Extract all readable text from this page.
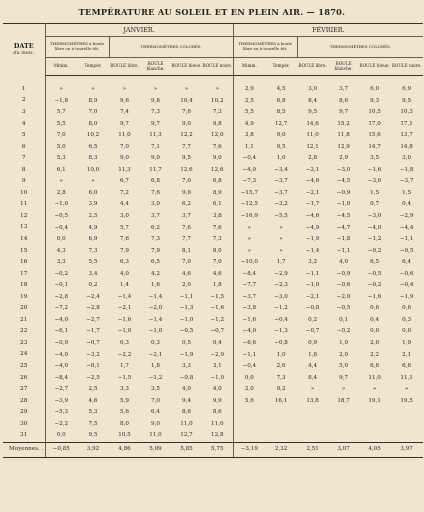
TEMPÉRATURE AU SOLEIL ET EN PLEIN AIR. — 1870.
DATE
du mois.	JANVIER.						FÉVRIER.					
	THERMOMÈTRES à boule libre ou à tourelle tôt.		THERMOMÈTRES COLORÉS.				THERMOMÈTRES à boule libre ou à tourelle tôt.		THERMOMÈTRES COLORÉS.			
	Minim.	Tempér.	BOULE libre.	BOULE blanche.	BOULE bleue.	BOULE noire.	Minim.	Tempér.	BOULE libre.	BOULE blanche.	BOULE bleue.	BOULE noire.

1	»	»	»	»	»	»	2,9	4,5	3,0	3,7	6,0	6,9
2	−1,8	8,9	9,6	9,8	10,4	10,2	2,5	6,8	8,4	8,6	9,3	9,5
3	5,7	7,0	7,4	7,3	7,6	7,3	5,5	8,5	9,5	9,7	10,5	10,3
4	5,5	8,0	9,7	9,7	9,0	9,8	4,9	12,7	14,6	15,2	17,0	17,1
5	7,0	10,2	11,0	11,3	12,2	12,0	3,8	9,0	11,0	11,8	15,6	13,7
6	5,0	6,5	7,0	7,1	7,7	7,6	1,1	9,5	12,1	12,9	14,7	14,8
7	5,3	8,3	9,0	9,0	9,5	9,0	−0,4	1,0	2,8	2,9	3,5	3,0
8	6,1	10,0	11,3	11,7	12,6	12,6	−4,0	−3,4	−2,1	−3,0	−1,6	−1,8
9	»	»	6,7	6,8	7,0	6,8	−7,3	−3,7	−4,6	−4,5	−3,6	−3,7
10	2,8	6,0	7,2	7,6	9,0	8,9	−15,7	−3,7	−2,1	−0,9	1,5	1,5
11	−1,0	3,9	4,4	3,0	6,2	6,1	−12,5	−3,2	−1,7	−1,0	0,7	0,4
12	−0,5	2,5	3,0	3,7	3,7	3,8	−16,9	−5,5	−4,6	−4,5	−3,0	−2,9
13	−0,4	4,9	5,7	6,2	7,6	7,6	»	»	−4,9	−4,7	−4,0	−4,4
14	0,0	6,9	7,6	7,3	7,7	7,3	»	»	−1,9	−1,8	−1,2	−1,1
15	4,3	7,3	7,9	7,9	8,1	8,0	»	»	−1,4	−1,1	−0,2	−0,5
16	3,3	5,5	6,3	6,5	7,0	7,0	−10,0	1,7	3,2	4,0	6,5	6,4
17	−0,2	3,4	4,0	4,2	4,6	4,6	−8,4	−2,9	−1,1	−0,9	−0,5	−0,6
18	−0,1	0,2	1,4	1,6	2,0	1,8	−7,7	−2,3	−1,0	−0,6	−0,2	−0,4
19	−2,8	−2,4	−1,4	−1,4	−1,1	−1,5	−3,7	−3,0	−2,1	−2,0	−1,6	−1,9
20	−7,2	−2,8	−2,1	−2,0	−1,3	−1,6	−3,8	−1,2	−0,8	−0,5	0,6	0,6
21	−4,0	−2,7	−1,6	−1,4	−1,0	−1,2	−1,6	−0,4	0,2	0,1	0,4	0,3
22	−6,1	−1,7	−1,0	−1,0	−0,5	−0,7	−4,0	−1,3	−0,7	−0,2	0,0	0,0
23	−0,9	−0,7	0,3	0,3	0,5	0,4	−6,6	−0,8	0,9	1,0	2,0	1,9
24	−4,0	−3,2	−2,2	−2,1	−1,9	−2,0	−1,1	1,0	1,8	2,0	2,2	2,1
25	−4,0	−0,1	1,7	1,8	3,3	3,1	−0,4	2,6	4,4	5,0	6,6	6,6
26	−8,4	−2,5	−1,5	−1,2	−0,8	−1,0	0,0	7,3	8,4	9,7	11,0	11,1
27	−2,7	2,5	3,3	3,5	4,0	4,0	2,0	9,2	»	»	»	»
28	−3,9	4,6	5,9	7,0	9,4	9,9	5,6	16,1	13,8	18,7	19,1	19,5
29	−5,3	5,3	5,6	6,4	8,6	8,6						
30	−2,2	7,5	8,0	9,0	11,0	11,0						
31	0,0	9,5	10,5	11,0	12,7	12,8						
Moyennes. .	−0,85	3,92	4,86	5,09	5,85	5,75	−3,19	2,32	2,51	3,07	4,05	3,97
